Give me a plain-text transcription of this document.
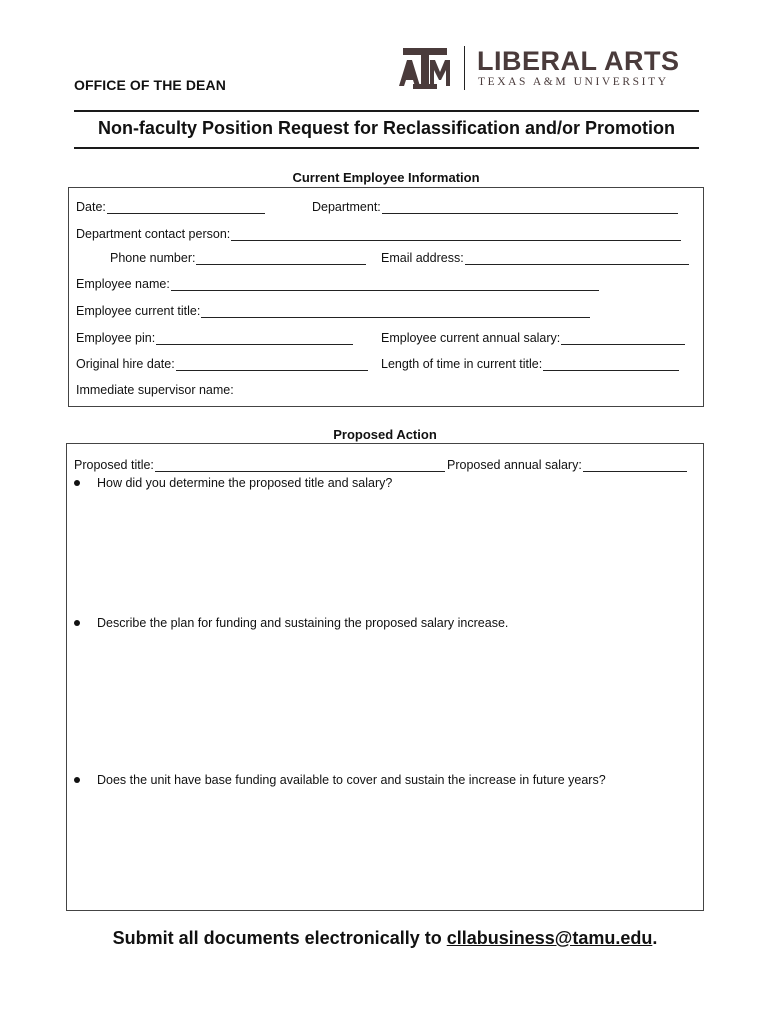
OFFICE OF THE DEAN
LIBERAL ARTS
TEXAS A&M UNIVERSITY
Non-faculty Position Request for Reclassification and/or Promotion
Current Employee Information
Date:	Department:
Department contact person:
Phone number:	Email address:
Employee name:
Employee current title:
Employee pin:	Employee current annual salary:
Original hire date:	Length of time in current title:
Immediate supervisor name:
Proposed Action
Proposed title:	Proposed annual salary:
How did you determine the proposed title and salary?
Describe the plan for funding and sustaining the proposed salary increase.
Does the unit have base funding available to cover and sustain the increase in future years?
Submit all documents electronically to cllabusiness@tamu.edu.
